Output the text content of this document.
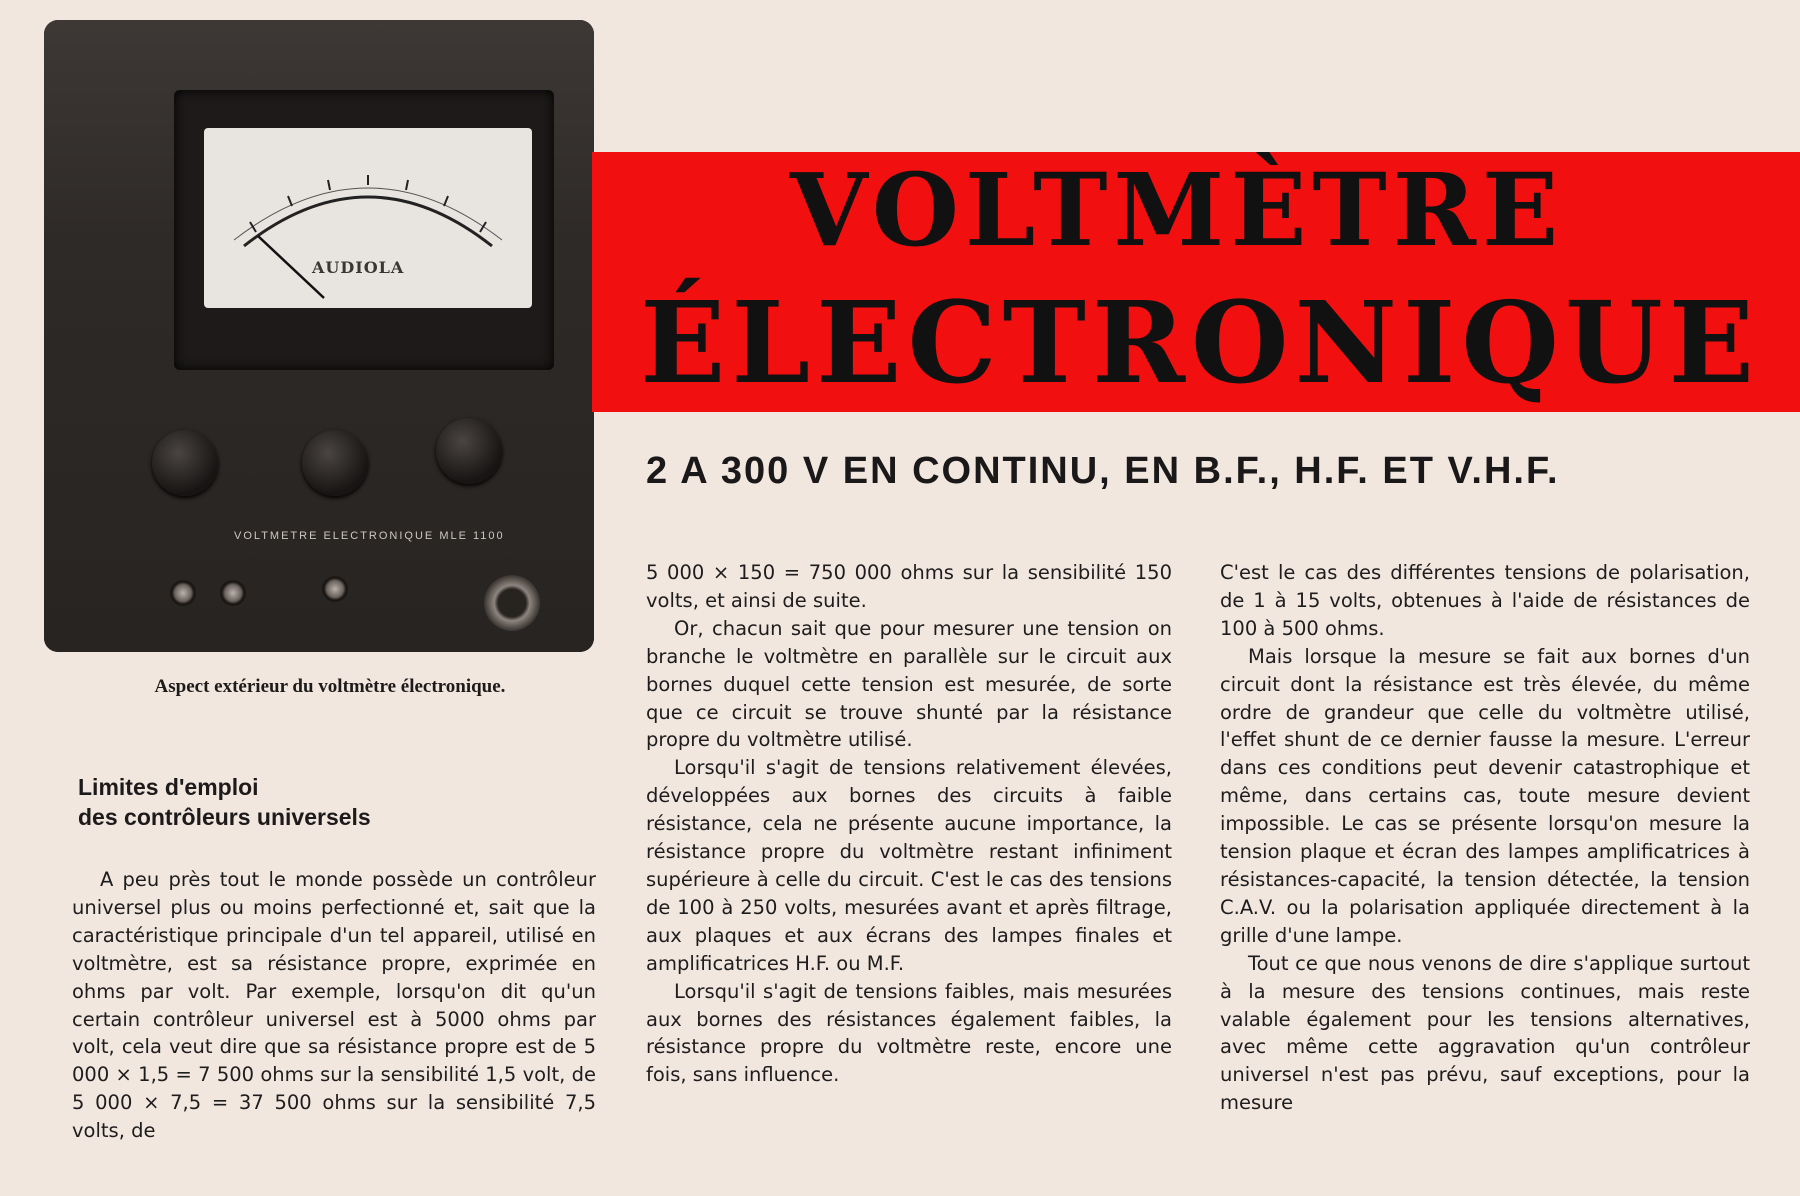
AUDIOLA
VOLTMETRE ELECTRONIQUE MLE 1100
Aspect extérieur du voltmètre électronique.
VOLTMÈTRE
ÉLECTRONIQUE
2 A 300 V EN CONTINU, EN B.F., H.F. ET V.H.F.
Limites d'emploi
des contrôleurs universels

A peu près tout le monde possède un contrôleur universel plus ou moins perfectionné et, sait que la caractéristique principale d'un tel appareil, utilisé en voltmètre, est sa résistance propre, exprimée en ohms par volt. Par exemple, lorsqu'on dit qu'un certain contrôleur universel est à 5000 ohms par volt, cela veut dire que sa résistance propre est de 5 000 × 1,5 = 7 500 ohms sur la sensibilité 1,5 volt, de 5 000 × 7,5 = 37 500 ohms sur la sensibilité 7,5 volts, de

5 000 × 150 = 750 000 ohms sur la sensibilité 150 volts, et ainsi de suite.

Or, chacun sait que pour mesurer une tension on branche le voltmètre en parallèle sur le circuit aux bornes duquel cette tension est mesurée, de sorte que ce circuit se trouve shunté par la résistance propre du voltmètre utilisé.

Lorsqu'il s'agit de tensions relativement élevées, développées aux bornes des circuits à faible résistance, cela ne présente aucune importance, la résistance propre du voltmètre restant infiniment supérieure à celle du circuit. C'est le cas des tensions de 100 à 250 volts, mesurées avant et après filtrage, aux plaques et aux écrans des lampes finales et amplificatrices H.F. ou M.F.

Lorsqu'il s'agit de tensions faibles, mais mesurées aux bornes des résistances également faibles, la résistance propre du voltmètre reste, encore une fois, sans influence.

C'est le cas des différentes tensions de polarisation, de 1 à 15 volts, obtenues à l'aide de résistances de 100 à 500 ohms.

Mais lorsque la mesure se fait aux bornes d'un circuit dont la résistance est très élevée, du même ordre de grandeur que celle du voltmètre utilisé, l'effet shunt de ce dernier fausse la mesure. L'erreur dans ces conditions peut devenir catastrophique et même, dans certains cas, toute mesure devient impossible. Le cas se présente lorsqu'on mesure la tension plaque et écran des lampes amplificatrices à résistances-capacité, la tension détectée, la tension C.A.V. ou la polarisation appliquée directement à la grille d'une lampe.

Tout ce que nous venons de dire s'applique surtout à la mesure des tensions continues, mais reste valable également pour les tensions alternatives, avec même cette aggravation qu'un contrôleur universel n'est pas prévu, sauf exceptions, pour la mesure
